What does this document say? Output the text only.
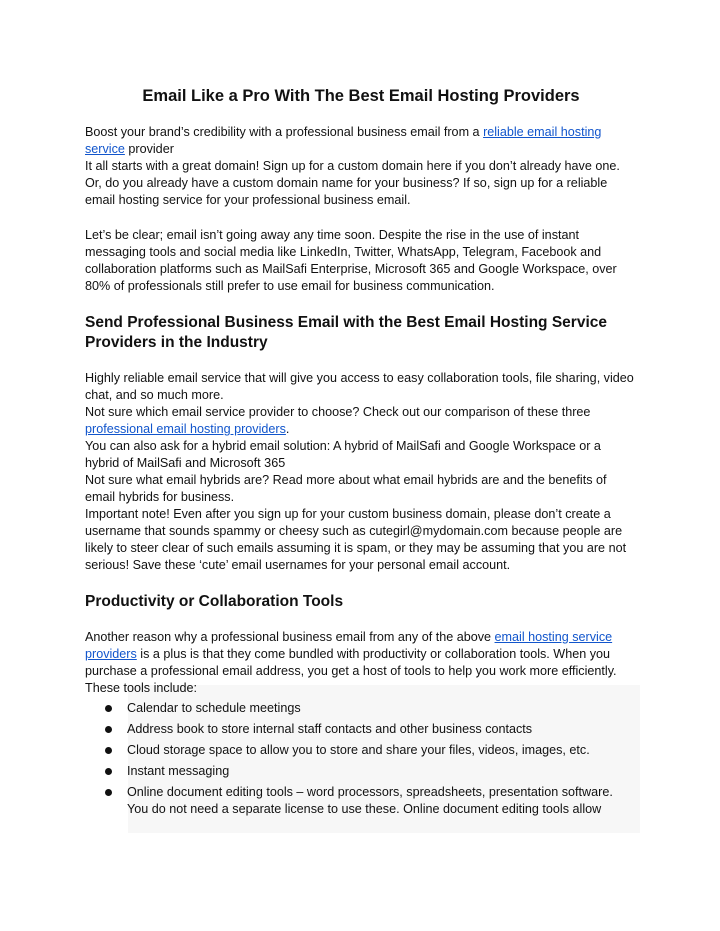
Email Like a Pro With The Best Email Hosting Providers

Boost your brand’s credibility with a professional business email from a reliable email hosting service provider

It all starts with a great domain! Sign up for a custom domain here if you don’t already have one. Or, do you already have a custom domain name for your business? If so, sign up for a reliable email hosting service for your professional business email.

Let’s be clear; email isn’t going away any time soon. Despite the rise in the use of instant messaging tools and social media like LinkedIn, Twitter, WhatsApp, Telegram, Facebook and collaboration platforms such as MailSafi Enterprise, Microsoft 365 and Google Workspace, over 80% of professionals still prefer to use email for business communication.

Send Professional Business Email with the Best Email Hosting Service Providers in the Industry

Highly reliable email service that will give you access to easy collaboration tools, file sharing, video chat, and so much more.

Not sure which email service provider to choose? Check out our comparison of these three
professional email hosting providers.

You can also ask for a hybrid email solution: A hybrid of MailSafi and Google Workspace or a hybrid of MailSafi and Microsoft 365

Not sure what email hybrids are? Read more about what email hybrids are and the benefits of email hybrids for business.

Important note! Even after you sign up for your custom business domain, please don’t create a username that sounds spammy or cheesy such as cutegirl@mydomain.com because people are likely to steer clear of such emails assuming it is spam, or they may be assuming that you are not serious! Save these ‘cute’ email usernames for your personal email account.

Productivity or Collaboration Tools

Another reason why a professional business email from any of the above email hosting service providers is a plus is that they come bundled with productivity or collaboration tools. When you purchase a professional email address, you get a host of tools to help you work more efficiently. These tools include:

Calendar to schedule meetings
Address book to store internal staff contacts and other business contacts
Cloud storage space to allow you to store and share your files, videos, images, etc.
Instant messaging
Online document editing tools – word processors, spreadsheets, presentation software. You do not need a separate license to use these. Online document editing tools allow
